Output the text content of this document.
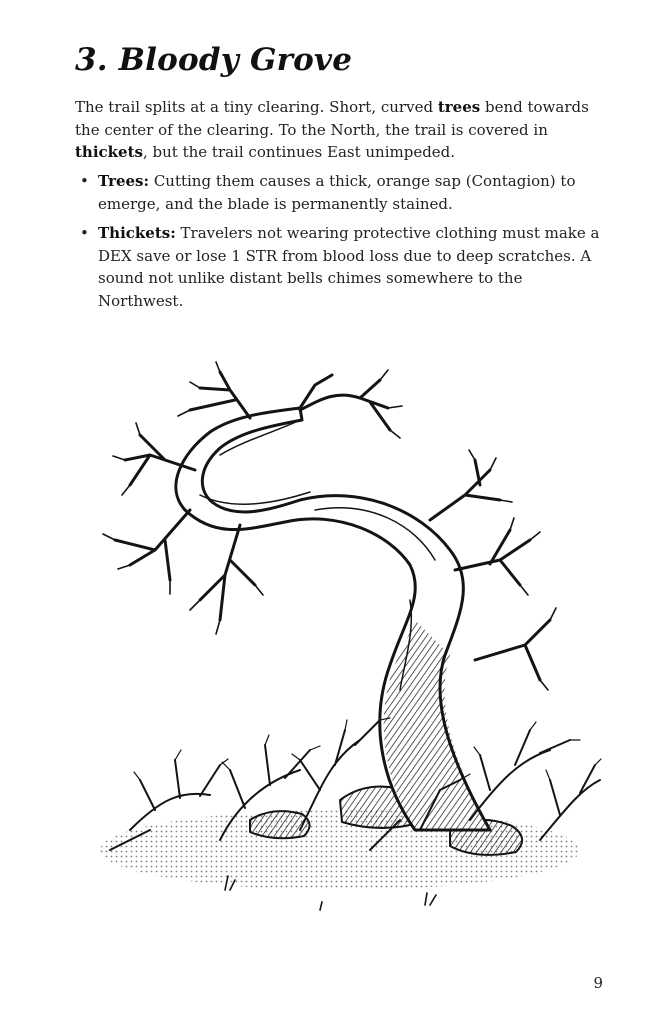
3. Bloody Grove

The trail splits at a tiny clearing. Short, curved trees bend towards the center of the clearing. To the North, the trail is covered in thickets, but the trail continues East unimpeded.

• Trees: Cutting them causes a thick, orange sap (Contagion) to emerge, and the blade is permanently stained.
• Thickets: Travelers not wearing protective clothing must make a DEX save or lose 1 STR from blood loss due to deep scratches. A sound not unlike distant bells chimes somewhere to the Northwest.
9
